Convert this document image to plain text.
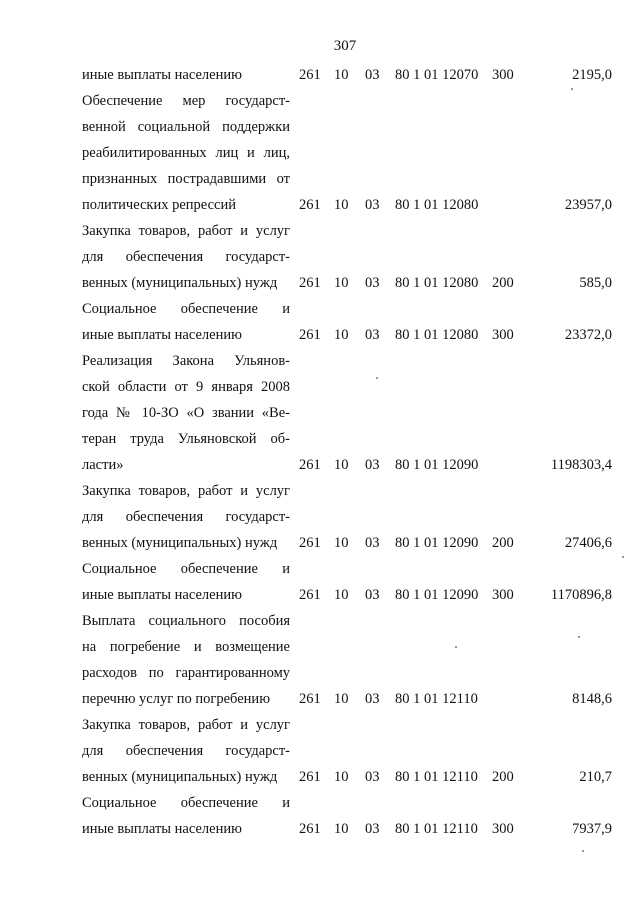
307
иные выплаты населению	261 10 03 80 1 01 12070 300	2195,0
Обеспечение мер государст-
венной социальной поддержки
реабилитированных лиц и лиц,
признанных пострадавшими от
политических репрессий	261 10 03 80 1 01 12080	23957,0
Закупка товаров, работ и услуг
для обеспечения государст-
венных (муниципальных) нужд	261 10 03 80 1 01 12080 200	585,0
Социальное обеспечение и
иные выплаты населению	261 10 03 80 1 01 12080 300	23372,0
Реализация Закона Ульянов-
ской области от 9 января 2008
года № 10-ЗО «О звании «Ве-
теран труда Ульяновской об-
ласти»	261 10 03 80 1 01 12090	1198303,4
Закупка товаров, работ и услуг
для обеспечения государст-
венных (муниципальных) нужд	261 10 03 80 1 01 12090 200	27406,6
Социальное обеспечение и
иные выплаты населению	261 10 03 80 1 01 12090 300	1170896,8
Выплата социального пособия
на погребение и возмещение
расходов по гарантированному
перечню услуг по погребению	261 10 03 80 1 01 12110	8148,6
Закупка товаров, работ и услуг
для обеспечения государст-
венных (муниципальных) нужд	261 10 03 80 1 01 12110 200	210,7
Социальное обеспечение и
иные выплаты населению	261 10 03 80 1 01 12110 300	7937,9
